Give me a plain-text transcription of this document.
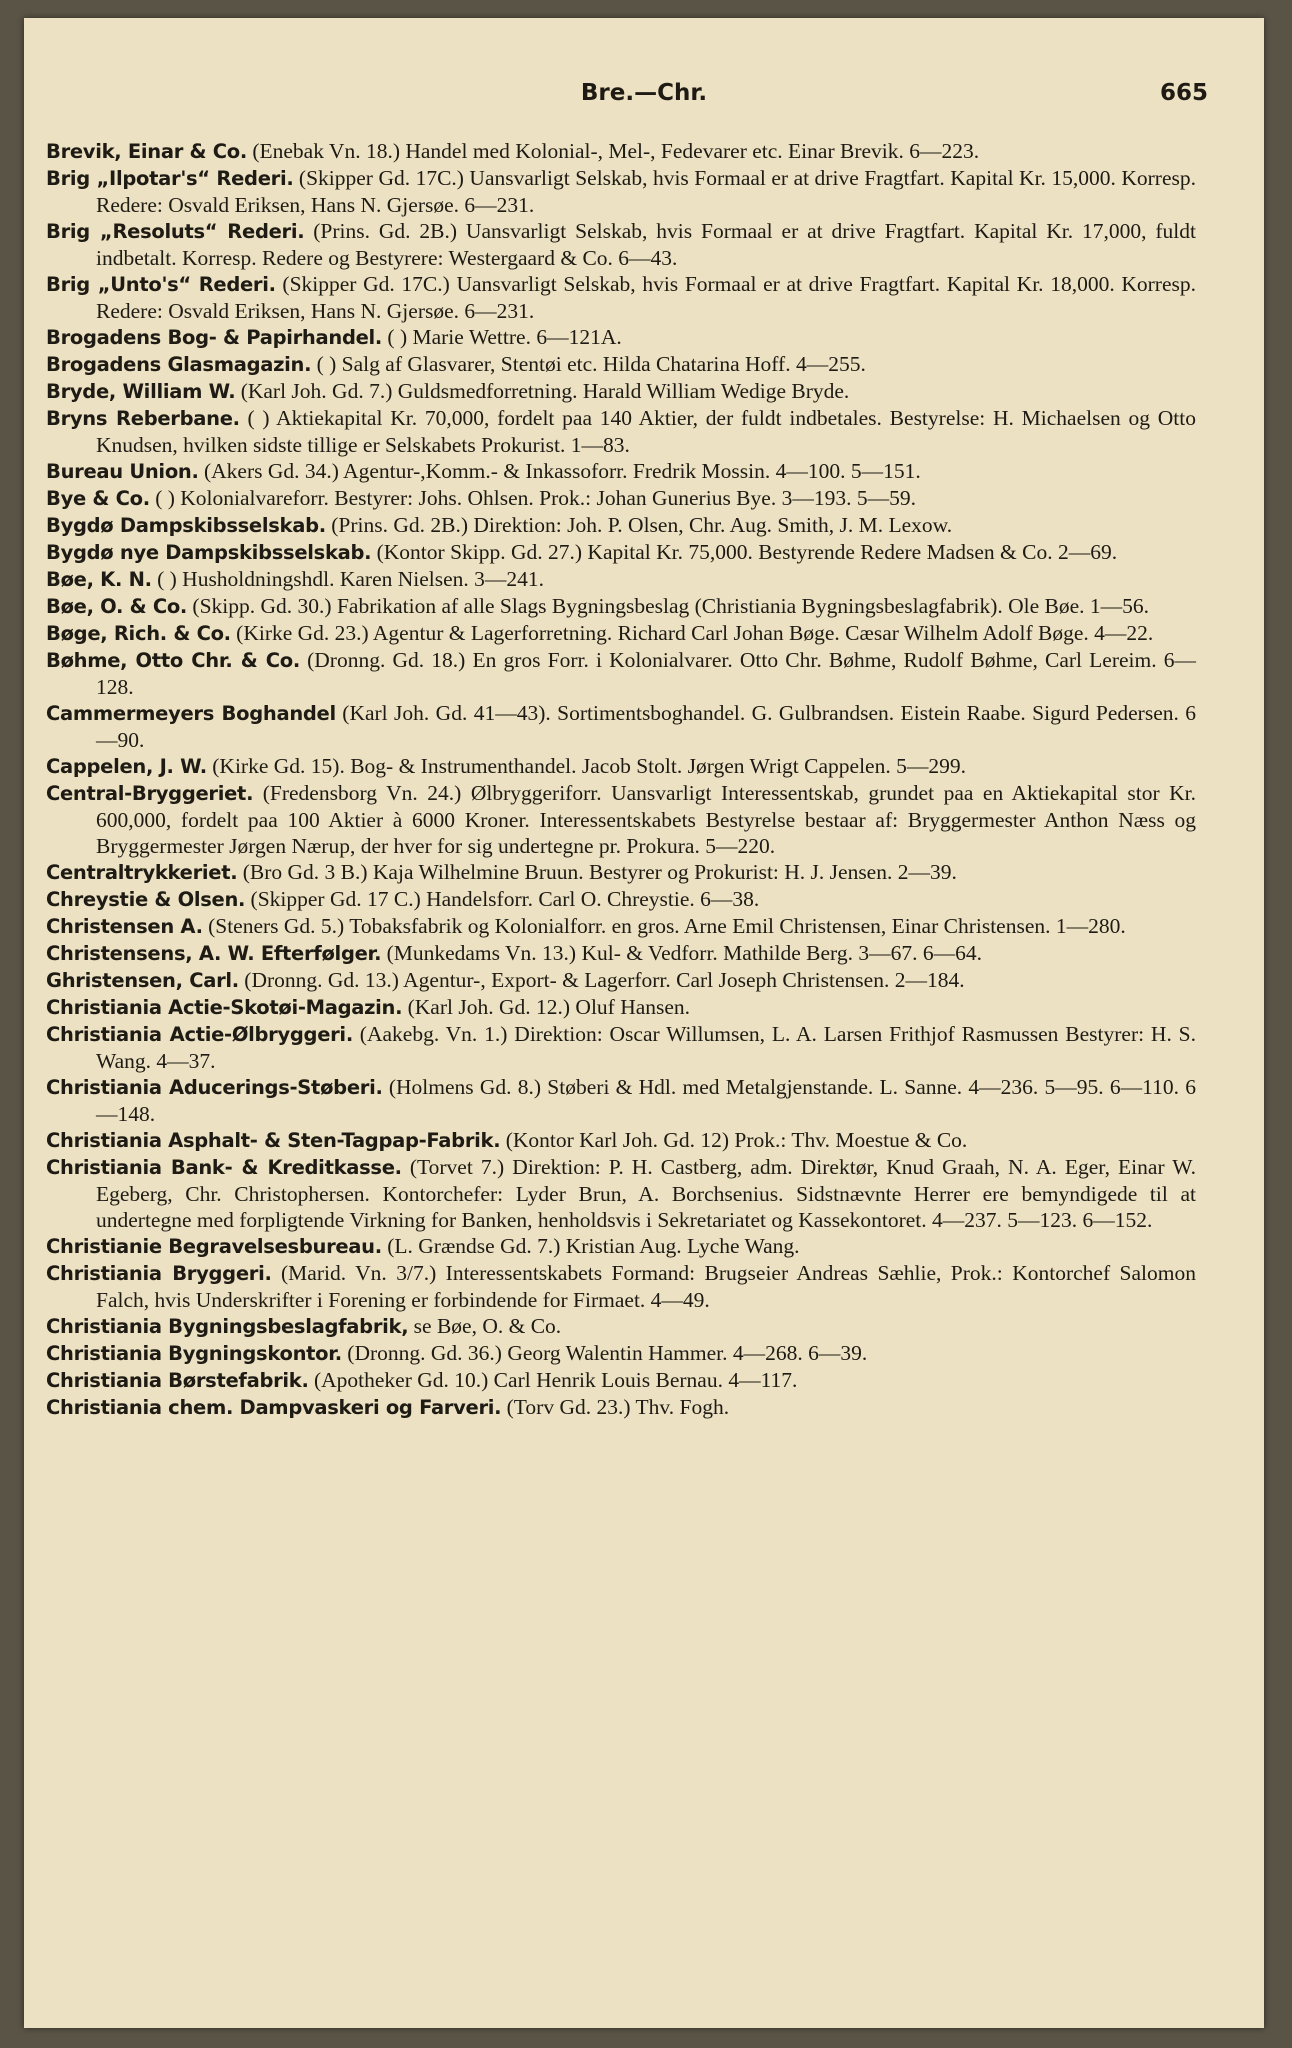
Bre.—Chr.	665

Brevik, Einar & Co. (Enebak Vn. 18.) Handel med Kolonial-, Mel-, Fedevarer etc. Einar Brevik. 6—223.

Brig „Ilpotar's“ Rederi. (Skipper Gd. 17C.) Uansvarligt Selskab, hvis Formaal er at drive Fragtfart. Kapital Kr. 15,000. Korresp. Redere: Osvald Eriksen, Hans N. Gjersøe. 6—231.

Brig „Resoluts“ Rederi. (Prins. Gd. 2B.) Uansvarligt Selskab, hvis Formaal er at drive Fragtfart. Kapital Kr. 17,000, fuldt indbetalt. Korresp. Redere og Bestyrere: Westergaard & Co. 6—43.

Brig „Unto's“ Rederi. (Skipper Gd. 17C.) Uansvarligt Selskab, hvis Formaal er at drive Fragtfart. Kapital Kr. 18,000. Korresp. Redere: Osvald Eriksen, Hans N. Gjersøe. 6—231.

Brogadens Bog- & Papirhandel. ( ) Marie Wettre. 6—121A.

Brogadens Glasmagazin. ( ) Salg af Glasvarer, Stentøi etc. Hilda Chatarina Hoff. 4—255.

Bryde, William W. (Karl Joh. Gd. 7.) Guldsmedforretning. Harald William Wedige Bryde.

Bryns Reberbane. ( ) Aktiekapital Kr. 70,000, fordelt paa 140 Aktier, der fuldt indbetales. Bestyrelse: H. Michaelsen og Otto Knudsen, hvilken sidste tillige er Selskabets Prokurist. 1—83.

Bureau Union. (Akers Gd. 34.) Agentur-,Komm.- & Inkassoforr. Fredrik Mossin. 4—100. 5—151.

Bye & Co. ( ) Kolonialvareforr. Bestyrer: Johs. Ohlsen. Prok.: Johan Gunerius Bye. 3—193. 5—59.

Bygdø Dampskibsselskab. (Prins. Gd. 2B.) Direktion: Joh. P. Olsen, Chr. Aug. Smith, J. M. Lexow.

Bygdø nye Dampskibsselskab. (Kontor Skipp. Gd. 27.) Kapital Kr. 75,000. Bestyrende Redere Madsen & Co. 2—69.

Bøe, K. N. ( ) Husholdningshdl. Karen Nielsen. 3—241.

Bøe, O. & Co. (Skipp. Gd. 30.) Fabrikation af alle Slags Bygningsbeslag (Christiania Bygningsbeslagfabrik). Ole Bøe. 1—56.

Bøge, Rich. & Co. (Kirke Gd. 23.) Agentur & Lagerforretning. Richard Carl Johan Bøge. Cæsar Wilhelm Adolf Bøge. 4—22.

Bøhme, Otto Chr. & Co. (Dronng. Gd. 18.) En gros Forr. i Kolonialvarer. Otto Chr. Bøhme, Rudolf Bøhme, Carl Lereim. 6—128.

Cammermeyers Boghandel (Karl Joh. Gd. 41—43). Sortimentsboghandel. G. Gulbrandsen. Eistein Raabe. Sigurd Pedersen. 6—90.

Cappelen, J. W. (Kirke Gd. 15). Bog- & Instrumenthandel. Jacob Stolt. Jørgen Wrigt Cappelen. 5—299.

Central-Bryggeriet. (Fredensborg Vn. 24.) Ølbryggeriforr. Uansvarligt Interessentskab, grundet paa en Aktiekapital stor Kr. 600,000, fordelt paa 100 Aktier à 6000 Kroner. Interessentskabets Bestyrelse bestaar af: Bryggermester Anthon Næss og Bryggermester Jørgen Nærup, der hver for sig undertegne pr. Prokura. 5—220.

Centraltrykkeriet. (Bro Gd. 3 B.) Kaja Wilhelmine Bruun. Bestyrer og Prokurist: H. J. Jensen. 2—39.

Chreystie & Olsen. (Skipper Gd. 17 C.) Handelsforr. Carl O. Chreystie. 6—38.

Christensen A. (Steners Gd. 5.) Tobaksfabrik og Kolonialforr. en gros. Arne Emil Christensen, Einar Christensen. 1—280.

Christensens, A. W. Efterfølger. (Munkedams Vn. 13.) Kul- & Vedforr. Mathilde Berg. 3—67. 6—64.

Ghristensen, Carl. (Dronng. Gd. 13.) Agentur-, Export- & Lagerforr. Carl Joseph Christensen. 2—184.

Christiania Actie-Skotøi-Magazin. (Karl Joh. Gd. 12.) Oluf Hansen.

Christiania Actie-Ølbryggeri. (Aakebg. Vn. 1.) Direktion: Oscar Willumsen, L. A. Larsen Frithjof Rasmussen Bestyrer: H. S. Wang. 4—37.

Christiania Aducerings-Støberi. (Holmens Gd. 8.) Støberi & Hdl. med Metalgjenstande. L. Sanne. 4—236. 5—95. 6—110. 6—148.

Christiania Asphalt- & Sten-Tagpap-Fabrik. (Kontor Karl Joh. Gd. 12) Prok.: Thv. Moestue & Co.

Christiania Bank- & Kreditkasse. (Torvet 7.) Direktion: P. H. Castberg, adm. Direktør, Knud Graah, N. A. Eger, Einar W. Egeberg, Chr. Christophersen. Kontorchefer: Lyder Brun, A. Borchsenius. Sidstnævnte Herrer ere bemyndigede til at undertegne med forpligtende Virkning for Banken, henholdsvis i Sekretariatet og Kassekontoret. 4—237. 5—123. 6—152.

Christianie Begravelsesbureau. (L. Grændse Gd. 7.) Kristian Aug. Lyche Wang.

Christiania Bryggeri. (Marid. Vn. 3/7.) Interessentskabets Formand: Brugseier Andreas Sæhlie, Prok.: Kontorchef Salomon Falch, hvis Underskrifter i Forening er forbindende for Firmaet. 4—49.

Christiania Bygningsbeslagfabrik, se Bøe, O. & Co.

Christiania Bygningskontor. (Dronng. Gd. 36.) Georg Walentin Hammer. 4—268. 6—39.

Christiania Børstefabrik. (Apotheker Gd. 10.) Carl Henrik Louis Bernau. 4—117.

Christiania chem. Dampvaskeri og Farveri. (Torv Gd. 23.) Thv. Fogh.
